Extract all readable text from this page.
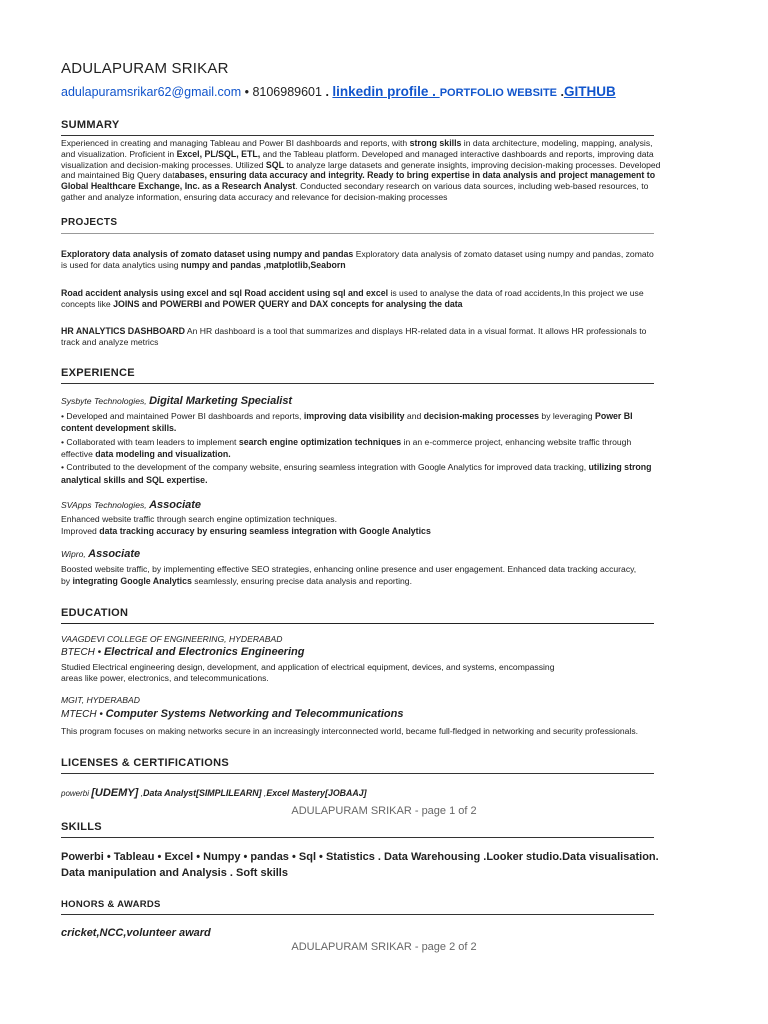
ADULAPURAM SRIKAR
adulapuramsrikar62@gmail.com • 8106989601 . linkedin profile . PORTFOLIO WEBSITE .GITHUB
SUMMARY
Experienced in creating and managing Tableau and Power BI dashboards and reports, with strong skills in data architecture, modeling, mapping, analysis, and visualization. Proficient in Excel, PL/SQL, ETL, and the Tableau platform. Developed and managed interactive dashboards and reports, improving data visualization and decision-making processes. Utilized SQL to analyze large datasets and generate insights, improving decision-making processes. Developed and maintained Big Query databases, ensuring data accuracy and integrity. Ready to bring expertise in data analysis and project management to Global Healthcare Exchange, Inc. as a Research Analyst. Conducted secondary research on various data sources, including web-based resources, to gather and analyze information, ensuring data accuracy and relevance for decision-making processes
PROJECTS
Exploratory data analysis of zomato dataset using numpy and pandas Exploratory data analysis of zomato dataset using numpy and pandas, zomato is used for data analytics using numpy and pandas ,matplotlib,Seaborn
Road accident analysis using excel and sql Road accident using sql and excel is used to analyse the data of road accidents,In this project we use concepts like JOINS and POWERBI and POWER QUERY and DAX concepts for analysing the data
HR ANALYTICS DASHBOARD An HR dashboard is a tool that summarizes and displays HR-related data in a visual format. It allows HR professionals to track and analyze metrics
EXPERIENCE
Sysbyte Technologies, Digital Marketing Specialist
• Developed and maintained Power BI dashboards and reports, improving data visibility and decision-making processes by leveraging Power BI content development skills.
• Collaborated with team leaders to implement search engine optimization techniques in an e-commerce project, enhancing website traffic through effective data modeling and visualization.
• Contributed to the development of the company website, ensuring seamless integration with Google Analytics for improved data tracking, utilizing strong analytical skills and SQL expertise.
SVApps Technologies, Associate
Enhanced website traffic through search engine optimization techniques.
Improved data tracking accuracy by ensuring seamless integration with Google Analytics
Wipro, Associate
Boosted website traffic, by implementing effective SEO strategies, enhancing online presence and user engagement. Enhanced data tracking accuracy,
by integrating Google Analytics seamlessly, ensuring precise data analysis and reporting.
EDUCATION
VAAGDEVI COLLEGE OF ENGINEERING, HYDERABAD
BTECH • Electrical and Electronics Engineering
Studied Electrical engineering design, development, and application of electrical equipment, devices, and systems, encompassing
areas like power, electronics, and telecommunications.
MGIT, HYDERABAD
MTECH • Computer Systems Networking and Telecommunications
This program focuses on making networks secure in an increasingly interconnected world, became full-fledged in networking and security professionals.
LICENSES & CERTIFICATIONS
powerbi [UDEMY] ,Data Analyst[SIMPLILEARN] ,Excel Mastery[JOBAAJ]
ADULAPURAM SRIKAR - page 1 of 2
SKILLS
Powerbi • Tableau • Excel • Numpy • pandas • Sql • Statistics . Data Warehousing .Looker studio.Data visualisation.
Data manipulation and Analysis . Soft skills
HONORS & AWARDS
cricket,NCC,volunteer award
ADULAPURAM SRIKAR - page 2 of 2
